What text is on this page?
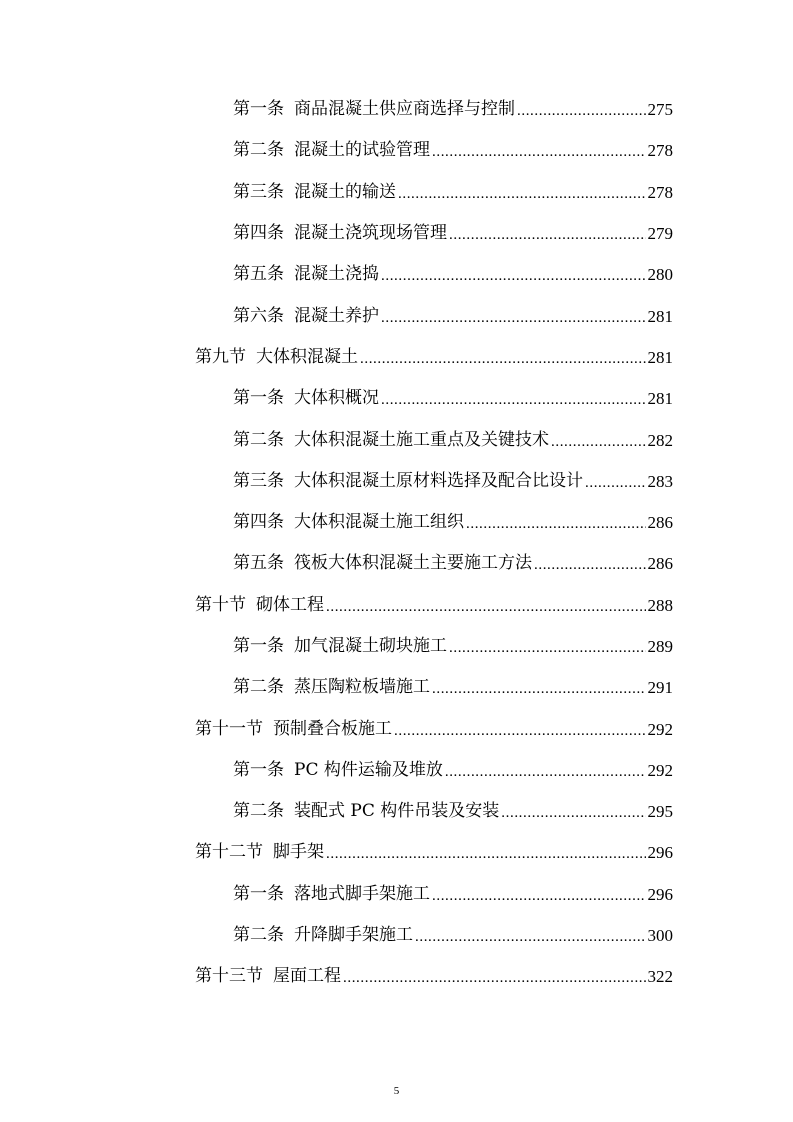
第一条 商品混凝土供应商选择与控制 .....	275
第二条 混凝土的试验管理 .....	278
第三条 混凝土的输送 .....	278
第四条 混凝土浇筑现场管理 .....	279
第五条 混凝土浇捣 .....	280
第六条 混凝土养护 .....	281
第九节 大体积混凝土 .....	281
第一条 大体积概况 .....	281
第二条 大体积混凝土施工重点及关键技术 .....	282
第三条 大体积混凝土原材料选择及配合比设计 .....	283
第四条 大体积混凝土施工组织 .....	286
第五条 筏板大体积混凝土主要施工方法 .....	286
第十节 砌体工程 .....	288
第一条 加气混凝土砌块施工 .....	289
第二条 蒸压陶粒板墙施工 .....	291
第十一节 预制叠合板施工 .....	292
第一条 PC 构件运输及堆放 .....	292
第二条 装配式 PC 构件吊装及安装 .....	295
第十二节 脚手架 .....	296
第一条 落地式脚手架施工 .....	296
第二条 升降脚手架施工 .....	300
第十三节 屋面工程 .....	322
5
